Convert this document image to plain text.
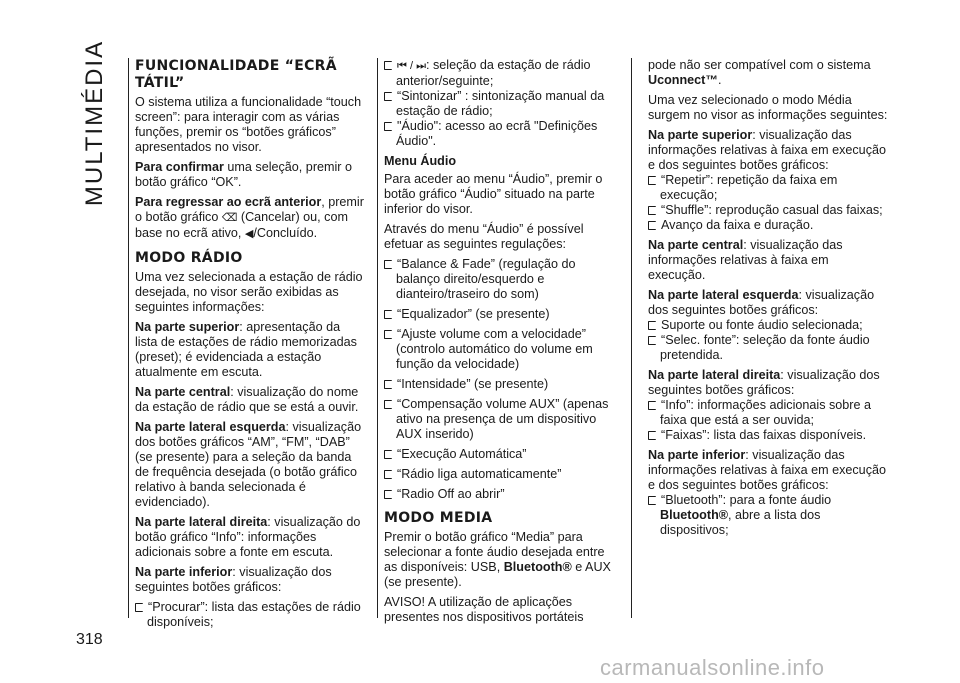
MULTIMÉDIA
318
FUNCIONALIDADE “ECRÃ TÁTIL”

O sistema utiliza a funcionalidade “touch screen”: para interagir com as várias funções, premir os “botões gráficos” apresentados no visor.

Para confirmar uma seleção, premir o botão gráfico “OK”.

Para regressar ao ecrã anterior, premir o botão gráfico ⌫ (Cancelar) ou, com base no ecrã ativo, ◀/Concluído.

MODO RÁDIO

Uma vez selecionada a estação de rádio desejada, no visor serão exibidas as seguintes informações:

Na parte superior: apresentação da lista de estações de rádio memorizadas (preset); é evidenciada a estação atualmente em escuta.

Na parte central: visualização do nome da estação de rádio que se está a ouvir.

Na parte lateral esquerda: visualização dos botões gráficos “AM”, “FM”, “DAB” (se presente) para a seleção da banda de frequência desejada (o botão gráfico relativo à banda selecionada é evidenciado).

Na parte lateral direita: visualização do botão gráfico “Info”: informações adicionais sobre a fonte em escuta.

Na parte inferior: visualização dos seguintes botões gráficos:

“Procurar”: lista das estações de rádio disponíveis;

⏮ / ⏭: seleção da estação de rádio anterior/seguinte;

“Sintonizar” : sintonização manual da estação de rádio;

"Áudio": acesso ao ecrã "Definições Áudio".

Menu Áudio

Para aceder ao menu “Áudio”, premir o botão gráfico “Áudio” situado na parte inferior do visor.

Através do menu “Áudio” é possível efetuar as seguintes regulações:

“Balance & Fade” (regulação do balanço direito/esquerdo e dianteiro/traseiro do som)

“Equalizador” (se presente)

“Ajuste volume com a velocidade” (controlo automático do volume em função da velocidade)

“Intensidade” (se presente)

“Compensação volume AUX” (apenas ativo na presença de um dispositivo AUX inserido)

“Execução Automática”

“Rádio liga automaticamente”

“Radio Off ao abrir”

MODO MEDIA

Premir o botão gráfico “Media” para selecionar a fonte áudio desejada entre as disponíveis: USB, Bluetooth® e AUX (se presente).

AVISO! A utilização de aplicações presentes nos dispositivos portáteis

pode não ser compatível com o sistema Uconnect™.

Uma vez selecionado o modo Média surgem no visor as informações seguintes:

Na parte superior: visualização das informações relativas à faixa em execução e dos seguintes botões gráficos:

“Repetir”: repetição da faixa em execução;

“Shuffle”: reprodução casual das faixas;

Avanço da faixa e duração.

Na parte central: visualização das informações relativas à faixa em execução.

Na parte lateral esquerda: visualização dos seguintes botões gráficos:

Suporte ou fonte áudio selecionada;

“Selec. fonte”: seleção da fonte áudio pretendida.

Na parte lateral direita: visualização dos seguintes botões gráficos:

“Info”: informações adicionais sobre a faixa que está a ser ouvida;

“Faixas”: lista das faixas disponíveis.

Na parte inferior: visualização das informações relativas à faixa em execução e dos seguintes botões gráficos:

“Bluetooth”: para a fonte áudio Bluetooth®, abre a lista dos dispositivos;

carmanualsonline.info
